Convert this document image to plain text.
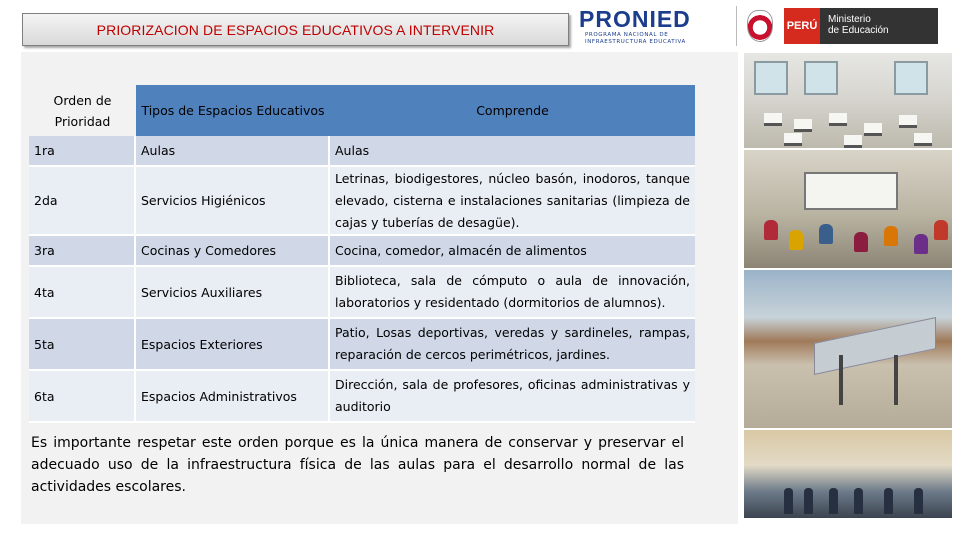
PRIORIZACION DE ESPACIOS EDUCATIVOS A INTERVENIR	PRONIED
PROGRAMA NACIONAL DE INFRAESTRUCTURA EDUCATIVA
PERÚ
Ministerio
de Educación
Orden de Prioridad	Tipos de Espacios Educativos	Comprende
1ra	Aulas	Aulas
2da	Servicios Higiénicos	Letrinas, biodigestores, núcleo basón, inodoros, tanque elevado, cisterna e instalaciones sanitarias (limpieza de cajas y tuberías de desagüe).
3ra	Cocinas y Comedores	Cocina, comedor, almacén de alimentos
4ta	Servicios Auxiliares	Biblioteca, sala de cómputo o aula de innovación, laboratorios y residentado (dormitorios de alumnos).
5ta	Espacios Exteriores	Patio, Losas deportivas, veredas y sardineles, rampas, reparación de cercos perimétricos, jardines.
6ta	Espacios Administrativos	Dirección, sala de profesores, oficinas administrativas y auditorio
Es importante respetar este orden porque es la única manera de conservar y preservar el adecuado uso de la infraestructura física de las aulas para el desarrollo normal de las actividades escolares.
